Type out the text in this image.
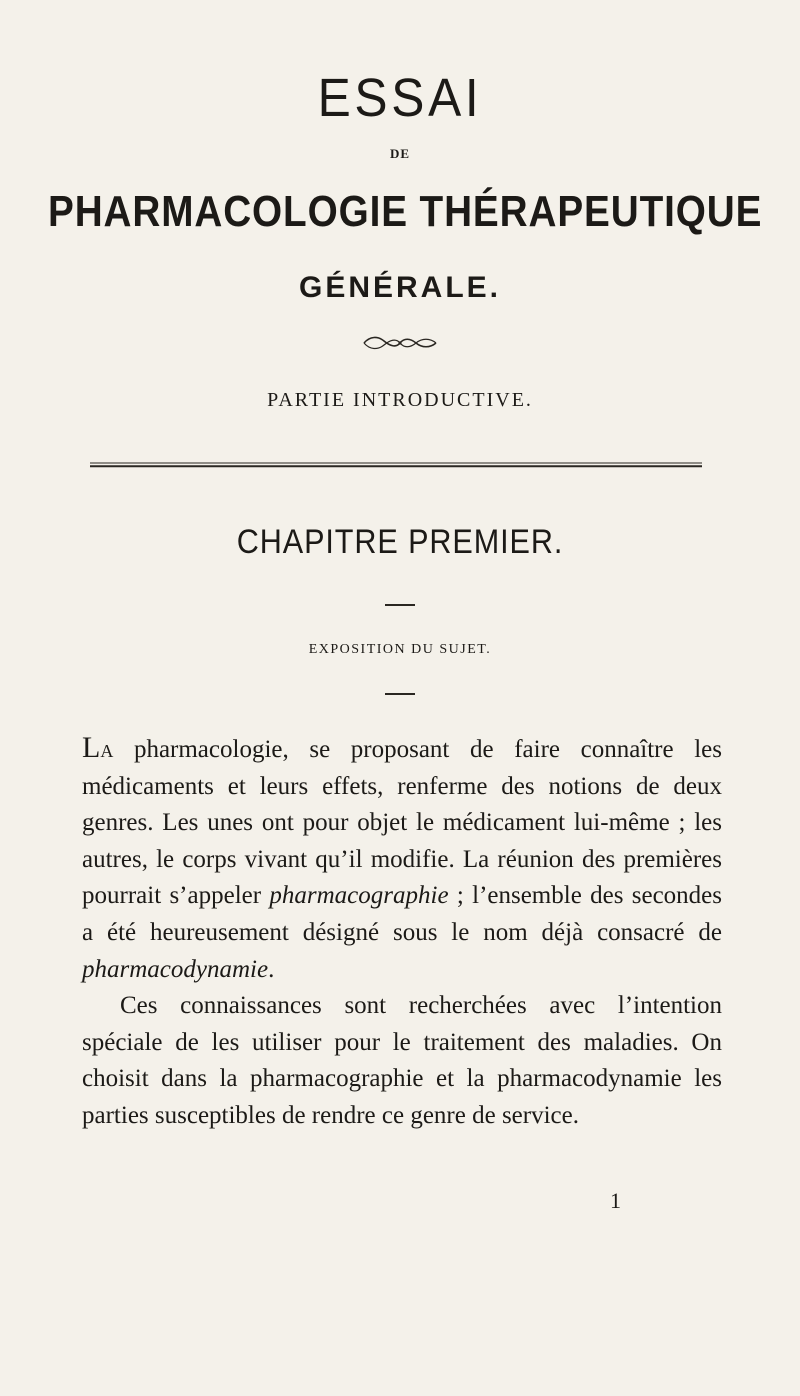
ESSAI
DE
PHARMACOLOGIE THÉRAPEUTIQUE
GÉNÉRALE.
PARTIE INTRODUCTIVE.
CHAPITRE PREMIER.
EXPOSITION DU SUJET.

La pharmacologie, se proposant de faire connaître les médicaments et leurs effets, renferme des notions de deux genres. Les unes ont pour objet le médicament lui-même ; les autres, le corps vivant qu’il modifie. La réunion des premières pourrait s’appeler pharmacographie ; l’ensemble des secondes a été heureusement désigné sous le nom déjà consacré de pharmacodynamie.

Ces connaissances sont recherchées avec l’intention spéciale de les utiliser pour le traitement des maladies. On choisit dans la pharmacographie et la pharmacodynamie les parties susceptibles de rendre ce genre de service.

1
